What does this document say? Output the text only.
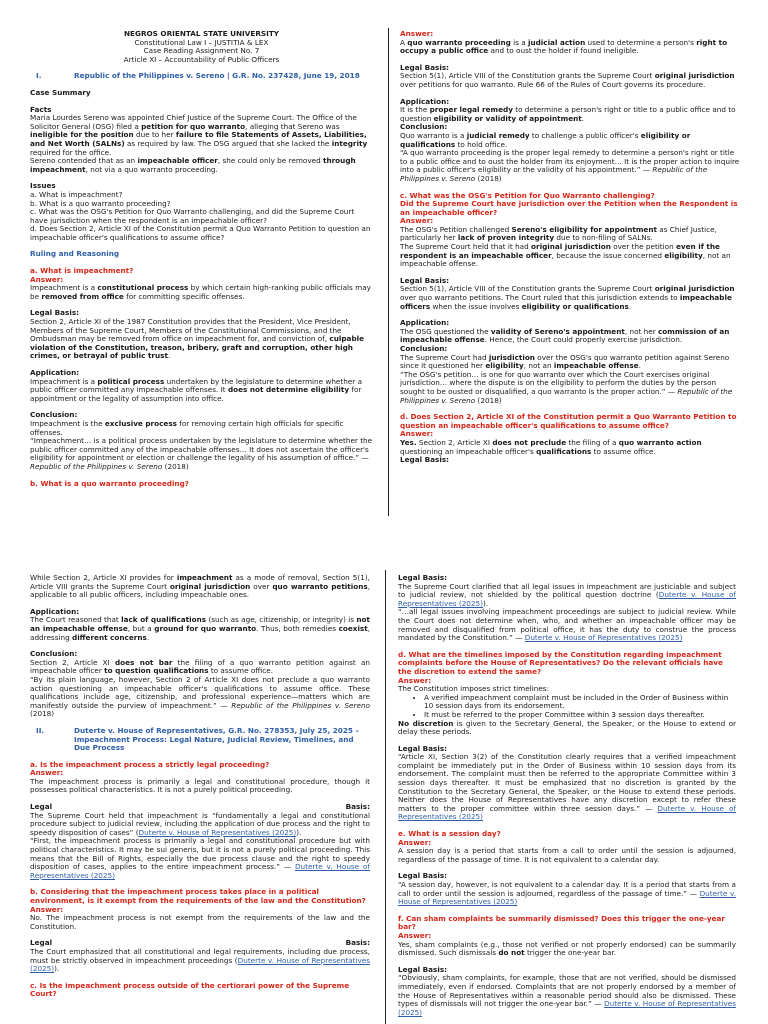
NEGROS ORIENTAL STATE UNIVERSITY
Constitutional Law I – JUSTITIA & LEX
Case Reading Assignment No. 7
Article XI – Accountability of Public Officers
I.	Republic of the Philippines v. Sereno | G.R. No. 237428, June 19, 2018
Case Summary
Facts
Maria Lourdes Sereno was appointed Chief Justice of the Supreme Court. The Office of the Solicitor General (OSG) filed a petition for quo warranto, alleging that Sereno was ineligible for the position due to her failure to file Statements of Assets, Liabilities, and Net Worth (SALNs) as required by law. The OSG argued that she lacked the integrity required for the office.
Sereno contended that as an impeachable officer, she could only be removed through impeachment, not via a quo warranto proceeding.
Issues
a. What is impeachment?
b. What is a quo warranto proceeding?
c. What was the OSG's Petition for Quo Warranto challenging, and did the Supreme Court have jurisdiction when the respondent is an impeachable officer?
d. Does Section 2, Article XI of the Constitution permit a Quo Warranto Petition to question an impeachable officer's qualifications to assume office?
Ruling and Reasoning
a. What is impeachment?
Answer:
Impeachment is a constitutional process by which certain high-ranking public officials may be removed from office for committing specific offenses.
Legal Basis:
Section 2, Article XI of the 1987 Constitution provides that the President, Vice President, Members of the Supreme Court, Members of the Constitutional Commissions, and the Ombudsman may be removed from office on impeachment for, and conviction of, culpable violation of the Constitution, treason, bribery, graft and corruption, other high crimes, or betrayal of public trust.
Application:
Impeachment is a political process undertaken by the legislature to determine whether a public officer committed any impeachable offenses. It does not determine eligibility for appointment or the legality of assumption into office.
Conclusion:
Impeachment is the exclusive process for removing certain high officials for specific offenses.
“Impeachment… is a political process undertaken by the legislature to determine whether the public officer committed any of the impeachable offenses… It does not ascertain the officer's eligibility for appointment or election or challenge the legality of his assumption of office.” — Republic of the Philippines v. Sereno (2018)
b. What is a quo warranto proceeding?
Answer:
A quo warranto proceeding is a judicial action used to determine a person's right to occupy a public office and to oust the holder if found ineligible.
Legal Basis:
Section 5(1), Article VIII of the Constitution grants the Supreme Court original jurisdiction over petitions for quo warranto. Rule 66 of the Rules of Court governs its procedure.
Application:
It is the proper legal remedy to determine a person's right or title to a public office and to question eligibility or validity of appointment.
Conclusion:
Quo warranto is a judicial remedy to challenge a public officer's eligibility or qualifications to hold office.
“A quo warranto proceeding is the proper legal remedy to determine a person's right or title to a public office and to oust the holder from its enjoyment… It is the proper action to inquire into a public officer's eligibility or the validity of his appointment.” — Republic of the Philippines v. Sereno (2018)
c. What was the OSG's Petition for Quo Warranto challenging?
Did the Supreme Court have jurisdiction over the Petition when the Respondent is an impeachable officer?
Answer:
The OSG's Petition challenged Sereno's eligibility for appointment as Chief Justice, particularly her lack of proven integrity due to non-filing of SALNs.
The Supreme Court held that it had original jurisdiction over the petition even if the respondent is an impeachable officer, because the issue concerned eligibility, not an impeachable offense.
Legal Basis:
Section 5(1), Article VIII of the Constitution grants the Supreme Court original jurisdiction over quo warranto petitions. The Court ruled that this jurisdiction extends to impeachable officers when the issue involves eligibility or qualifications.
Application:
The OSG questioned the validity of Sereno's appointment, not her commission of an impeachable offense. Hence, the Court could properly exercise jurisdiction.
Conclusion:
The Supreme Court had jurisdiction over the OSG's quo warranto petition against Sereno since it questioned her eligibility, not an impeachable offense.
“The OSG's petition… is one for quo warranto over which the Court exercises original jurisdiction… where the dispute is on the eligibility to perform the duties by the person sought to be ousted or disqualified, a quo warranto is the proper action.” — Republic of the Philippines v. Sereno (2018)
d. Does Section 2, Article XI of the Constitution permit a Quo Warranto Petition to question an impeachable officer's qualifications to assume office?
Answer:
Yes. Section 2, Article XI does not preclude the filing of a quo warranto action questioning an impeachable officer's qualifications to assume office.
Legal Basis:
While Section 2, Article XI provides for impeachment as a mode of removal, Section 5(1), Article VIII grants the Supreme Court original jurisdiction over quo warranto petitions, applicable to all public officers, including impeachable ones.
Application:
The Court reasoned that lack of qualifications (such as age, citizenship, or integrity) is not an impeachable offense, but a ground for quo warranto. Thus, both remedies coexist, addressing different concerns.
Conclusion:
Section 2, Article XI does not bar the filing of a quo warranto petition against an impeachable officer to question qualifications to assume office.
“By its plain language, however, Section 2 of Article XI does not preclude a quo warranto action questioning an impeachable officer's qualifications to assume office. These qualifications include age, citizenship, and professional experience—matters which are manifestly outside the purview of impeachment.” — Republic of the Philippines v. Sereno (2018)
II.	Duterte v. House of Representatives, G.R. No. 278353, July 25, 2025 – Impeachment Process: Legal Nature, Judicial Review, Timelines, and Due Process
a. Is the impeachment process a strictly legal proceeding?
Answer:
The impeachment process is primarily a legal and constitutional procedure, though it possesses political characteristics. It is not a purely political proceeding.
Legal	Basis:
The Supreme Court held that impeachment is “fundamentally a legal and constitutional procedure subject to judicial review, including the application of due process and the right to speedy disposition of cases” (Duterte v. House of Representatives (2025)).
“First, the impeachment process is primarily a legal and constitutional procedure but with political characteristics. It may be sui generis, but it is not a purely political proceeding. This means that the Bill of Rights, especially the due process clause and the right to speedy disposition of cases, applies to the entire impeachment process.” — Duterte v. House of Representatives (2025)
b. Considering that the impeachment process takes place in a political environment, is it exempt from the requirements of the law and the Constitution?
Answer:
No. The impeachment process is not exempt from the requirements of the law and the Constitution.
Legal	Basis:
The Court emphasized that all constitutional and legal requirements, including due process, must be strictly observed in impeachment proceedings (Duterte v. House of Representatives (2025)).
c. Is the impeachment process outside of the certiorari power of the Supreme Court?
Legal Basis:
The Supreme Court clarified that all legal issues in impeachment are justiciable and subject to judicial review, not shielded by the political question doctrine (Duterte v. House of Representatives (2025)).
“…all legal issues involving impeachment proceedings are subject to judicial review. While the Court does not determine when, who, and whether an impeachable officer may be removed and disqualified from political office, it has the duty to construe the process mandated by the Constitution.” — Duterte v. House of Representatives (2025)
d. What are the timelines imposed by the Constitution regarding impeachment complaints before the House of Representatives? Do the relevant officials have the discretion to extend the same?
Answer:
The Constitution imposes strict timelines:
• A verified impeachment complaint must be included in the Order of Business within 10 session days from its endorsement.
• It must be referred to the proper Committee within 3 session days thereafter.
No discretion is given to the Secretary General, the Speaker, or the House to extend or delay these periods.
Legal Basis:
“Article XI, Section 3(2) of the Constitution clearly requires that a verified impeachment complaint be immediately put in the Order of Business within 10 session days from its endorsement. The complaint must then be referred to the appropriate Committee within 3 session days thereafter. It must be emphasized that no discretion is granted by the Constitution to the Secretary General, the Speaker, or the House to extend these periods. Neither does the House of Representatives have any discretion except to refer these matters to the proper committee within three session days.” — Duterte v. House of Representatives (2025)
e. What is a session day?
Answer:
A session day is a period that starts from a call to order until the session is adjourned, regardless of the passage of time. It is not equivalent to a calendar day.
Legal Basis:
“A session day, however, is not equivalent to a calendar day. It is a period that starts from a call to order until the session is adjourned, regardless of the passage of time.” — Duterte v. House of Representatives (2025)
f. Can sham complaints be summarily dismissed? Does this trigger the one-year bar?
Answer:
Yes, sham complaints (e.g., those not verified or not properly endorsed) can be summarily dismissed. Such dismissals do not trigger the one-year bar.
Legal Basis:
“Obviously, sham complaints, for example, those that are not verified, should be dismissed immediately, even if endorsed. Complaints that are not properly endorsed by a member of the House of Representatives within a reasonable period should also be dismissed. These types of dismissals will not trigger the one-year bar.” — Duterte v. House of Representatives (2025)
